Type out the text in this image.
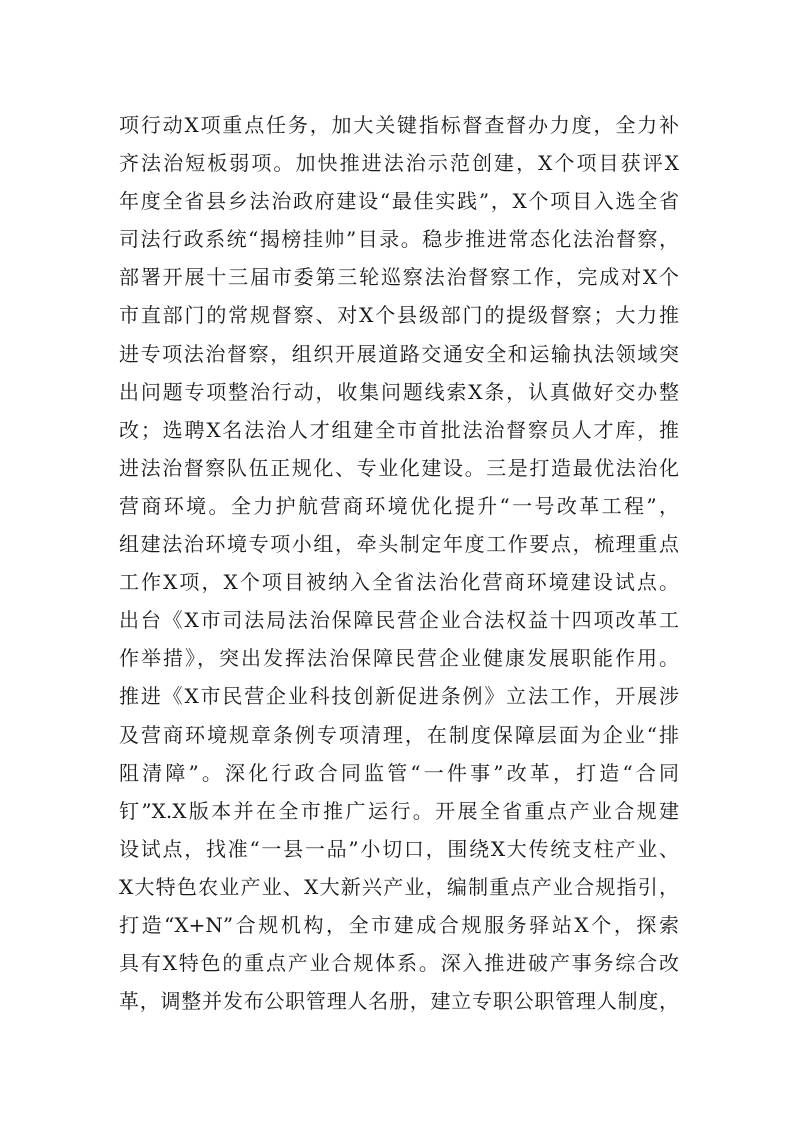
项行动X项重点任务，加大关键指标督查督办力度，全力补
齐法治短板弱项。加快推进法治示范创建，X个项目获评X
年度全省县乡法治政府建设“最佳实践”，X个项目入选全省
司法行政系统“揭榜挂帅”目录。稳步推进常态化法治督察，
部署开展十三届市委第三轮巡察法治督察工作，完成对X个
市直部门的常规督察、对X个县级部门的提级督察；大力推
进专项法治督察，组织开展道路交通安全和运输执法领域突
出问题专项整治行动，收集问题线索X条，认真做好交办整
改；选聘X名法治人才组建全市首批法治督察员人才库，推
进法治督察队伍正规化、专业化建设。三是打造最优法治化
营商环境。全力护航营商环境优化提升“一号改革工程”，
组建法治环境专项小组，牵头制定年度工作要点，梳理重点
工作X项，X个项目被纳入全省法治化营商环境建设试点。
出台《X市司法局法治保障民营企业合法权益十四项改革工
作举措》，突出发挥法治保障民营企业健康发展职能作用。
推进《X市民营企业科技创新促进条例》立法工作，开展涉
及营商环境规章条例专项清理，在制度保障层面为企业“排
阻清障”。深化行政合同监管“一件事”改革，打造“合同
钉”X.X版本并在全市推广运行。开展全省重点产业合规建
设试点，找准“一县一品”小切口，围绕X大传统支柱产业、
X大特色农业产业、X大新兴产业，编制重点产业合规指引，
打造“X+N”合规机构，全市建成合规服务驿站X个，探索
具有X特色的重点产业合规体系。深入推进破产事务综合改
革，调整并发布公职管理人名册，建立专职公职管理人制度，
